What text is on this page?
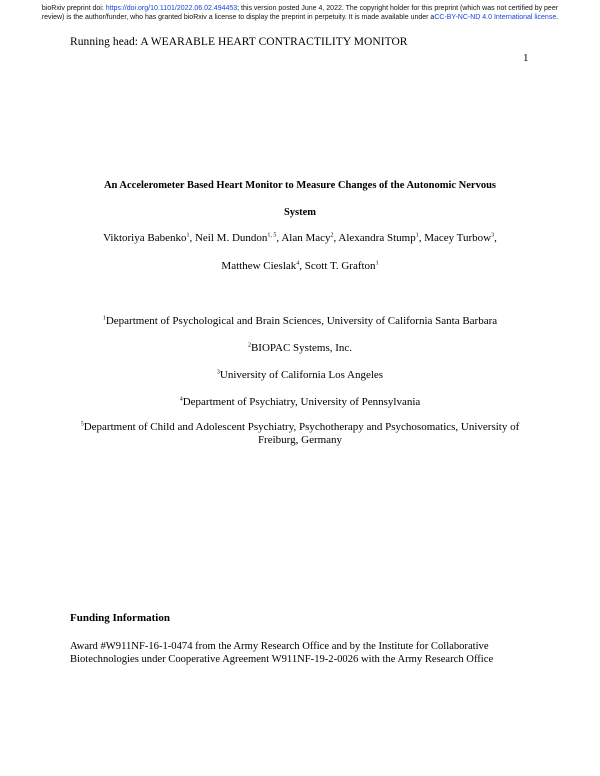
bioRxiv preprint doi: https://doi.org/10.1101/2022.06.02.494453; this version posted June 4, 2022. The copyright holder for this preprint (which was not certified by peer review) is the author/funder, who has granted bioRxiv a license to display the preprint in perpetuity. It is made available under aCC-BY-NC-ND 4.0 International license.
Running head: A WEARABLE HEART CONTRACTILITY MONITOR
1
An Accelerometer Based Heart Monitor to Measure Changes of the Autonomic Nervous
System
Viktoriya Babenko$^1$, Neil M. Dundon$^{1, 5}$, Alan Macy$^2$, Alexandra Stump$^1$, Macey Turbow$^3$,
Matthew Cieslak$^4$, Scott T. Grafton$^1$
$^1$Department of Psychological and Brain Sciences, University of California Santa Barbara
$^2$BIOPAC Systems, Inc.
$^3$University of California Los Angeles
$^4$Department of Psychiatry, University of Pennsylvania
$^5$Department of Child and Adolescent Psychiatry, Psychotherapy and Psychosomatics, University of Freiburg, Germany
Funding Information
Award #W911NF-16-1-0474 from the Army Research Office and by the Institute for Collaborative Biotechnologies under Cooperative Agreement W911NF-19-2-0026 with the Army Research Office
